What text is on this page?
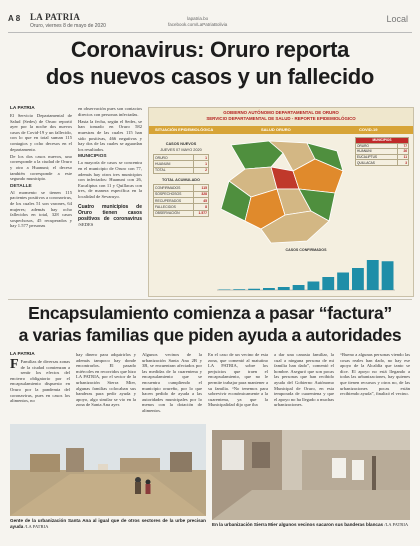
A 8 LA PATRIA
Oruro, viernes 8 de mayo de 2020
lapatria.bo
facebook.com/LaPatriaBolivia
Local
Coronavirus: Oruro reporta
dos nuevos casos y un fallecido
LA PATRIA

El Servicio Departamental de Salud (Sedes) de Oruro reportó ayer por la noche dos nuevos casos de Covid-19 y un fallecido, con lo que en total suman 115 contagios y ocho decesos en el departamento.

De los dos casos nuevos, uno corresponde a la ciudad de Oruro y otro a Huanuni; el deceso también corresponde a este segundo municipio.

DETALLE

Al momento se tienen 115 pacientes positivos a coronavirus, de los cuales 51 son varones, 64 mujeres; además hay ocho fallecidos en total, 328 casos sospechosos, 45 recuperados y hay 1.577 personas

en observación pues son contactos directos con personas infectadas.

Hasta la fecha, según el Sedes, se han tomado en Oruro 582 muestras de las cuales 115 han sido positivas, 466 negativas y hay dos de las cuales se aguardan los resultados.

MUNICIPIOS

La mayoría de casos se concentra en el municipio de Oruro con 77, además hay otros tres municipios con infectados: Huanuni con 26, Eucaliptus con 11 y Quillacas con tres, de manera específica en la localidad de Sevaruyo.

Cuatro municipios de Oruro tienen casos positivos de coronavirus /SEDES
GOBIERNO AUTÓNOMO DEPARTAMENTAL DE ORURO
SERVICIO DEPARTAMENTAL DE SALUD - REPORTE EPIDEMIOLÓGICO
SITUACIÓN EPIDEMIOLÓGICA	SALUD ORURO	COVID-19
CASOS NUEVOS
JUEVES 07 MAYO 2020
ORURO	1
HUANUNI	1
TOTAL	2
TOTAL ACUMULADO
CONFIRMADOS	115
SOSPECHOSOS	328
RECUPERADOS	45
FALLECIDOS	8
OBSERVACIÓN	1.577
MUNICIPIOS	
ORURO	77
HUANUNI	26
EUCALIPTUS	11
QUILLACAS	3
CASOS CONFIRMADOS
Encapsulamiento comienza a pasar “factura”
a varias familias que piden ayuda a autoridades
LA PATRIA

F Familias de diversas zonas de la ciudad comienzan a sentir los efectos del encierro obligatorio por el encapsulamiento dispuesto en Oruro por la pandemia del coronavirus, pues en casos los alimentos, no

hay dinero para adquirirlos y además tampoco hay donde encontrarlos. El pasado miércoles en recorridos que hizo LA PATRIA, por el sector de la urbanización Sierra Mier, algunas familias colocaban sus banderas para pedir ayuda y apoyo, algo similar se vio en la zona de Santa Ana ayer.

Algunos vecinos de la urbanización Santa Ana 2B y 3B, se encuentran afectados por las medidas de la cuarentena y encapsulamiento que se encuentra cumpliendo el municipio orureño, por lo que hacen pedido de ayuda a las autoridades municipales por lo menos con la dotación de alimentos.

En el caso de un vecino de esta zona, que comentó al matutino LA PATRIA, sobre los perjuicios que traen el encapsulamiento, que no le permite trabajar para mantener a su familia. “No tenemos para sobrevivir económicamente a la cuarentena, ya que la Municipalidad dijo que iba

a dar una canasta familiar, la cual a ninguna persona de mi familia han dado”, comentó el hombre. Aseguró que son pocas las personas que han recibido ayuda del Gobierno Autónomo Municipal de Oruro, en esta temporada de cuarentena y que el apoyo no ha llegado a muchas urbanizaciones.

“Bueno a algunas personas viendo las cosas reales han dado, no hay ese apoyo de la Alcaldía que tanto se dice. El apoyo no está llegando a todas las urbanizaciones, hay quienes que tienen recursos y otros no, de las urbanizaciones pocas están recibiendo ayuda”, finalizó el vecino.

Gente de la urbanización Santa Ana al igual que de otros sectores de la urbe precisan ayuda /LA PATRIA	En la urbanización Sierra Mier algunos vecinos sacaron sus banderas blancas /LA PATRIA
